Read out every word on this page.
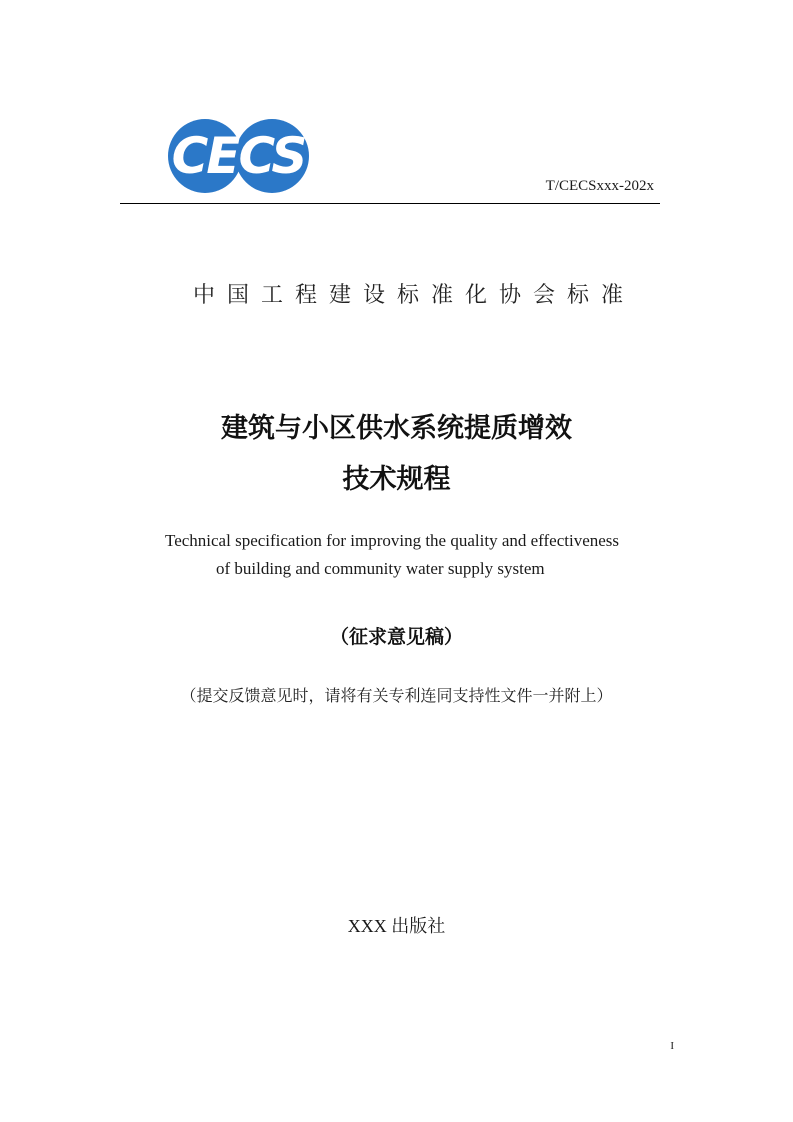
CECS
T/CECSxxx-202x
中国工程建设标准化协会标准
建筑与小区供水系统提质增效
技术规程
Technical specification for improving the quality and effectiveness
of building and community water supply system
（征求意见稿）
（提交反馈意见时，请将有关专利连同支持性文件一并附上）
XXX 出版社
I
